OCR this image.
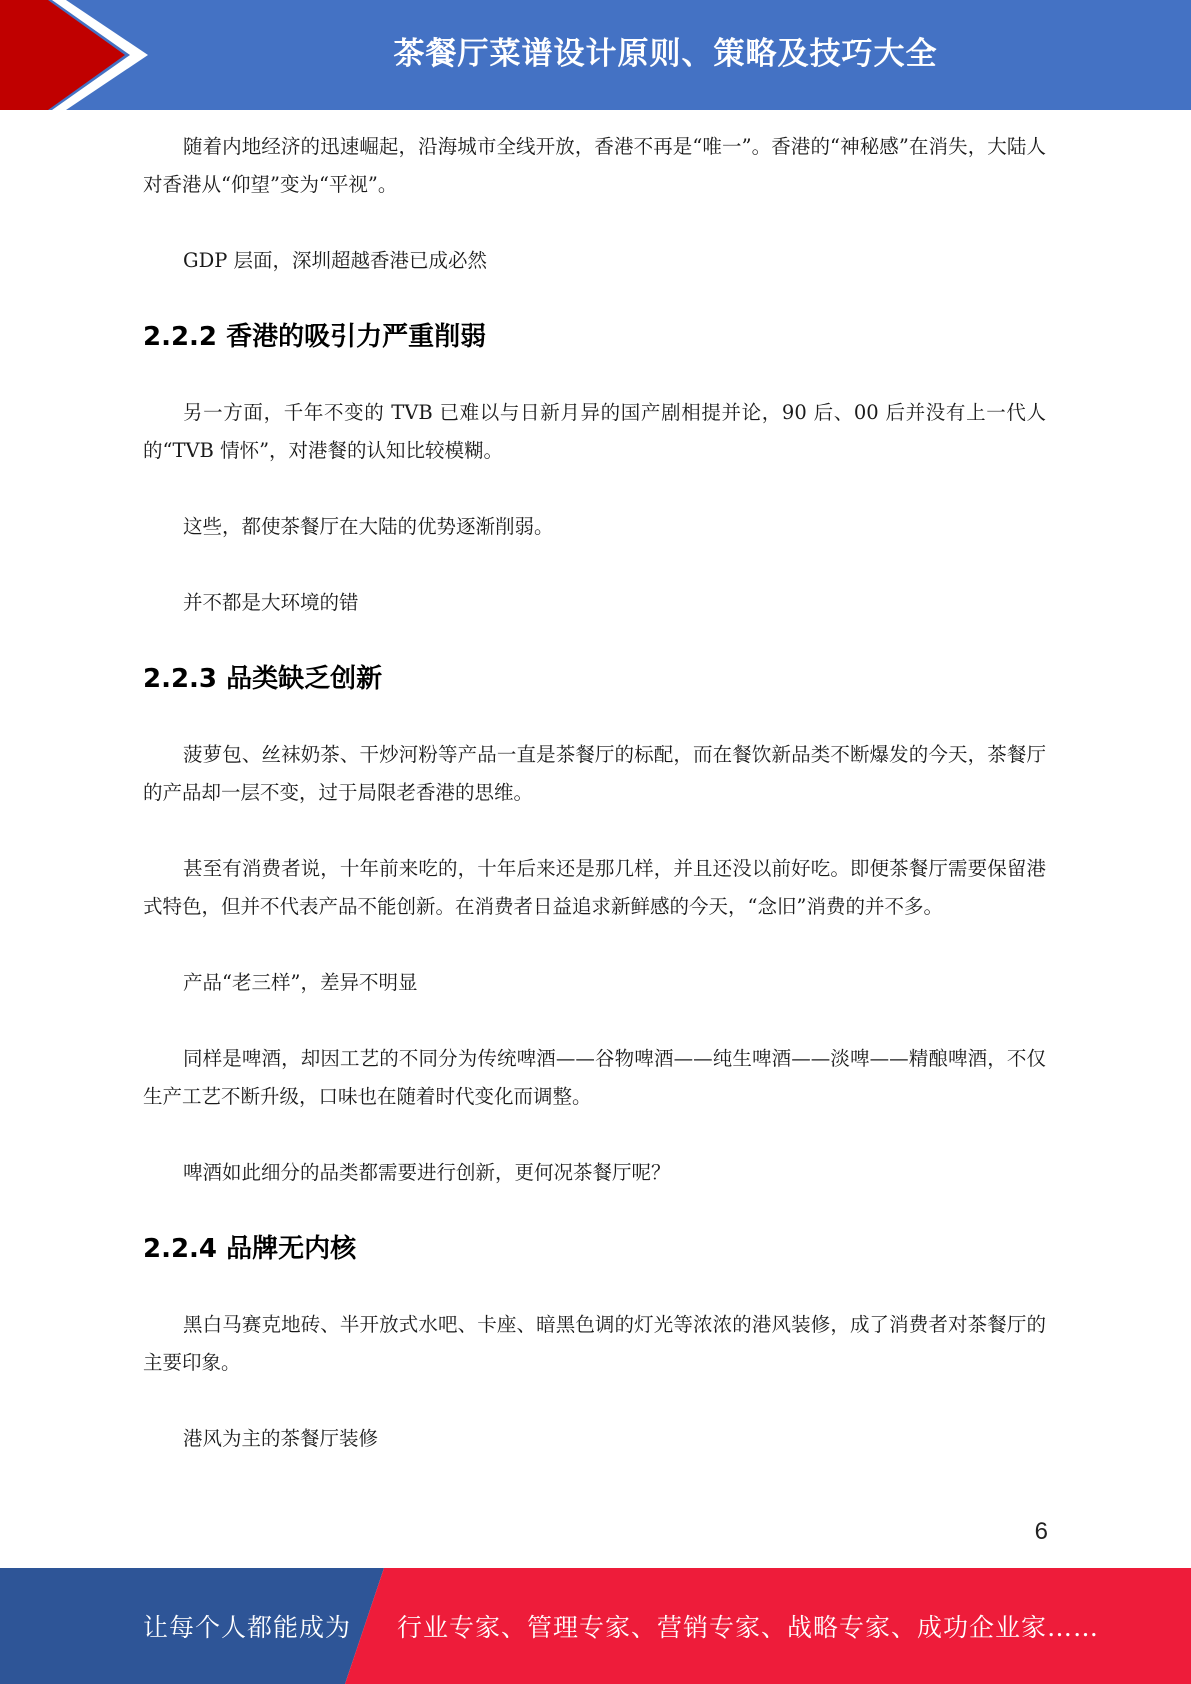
茶餐厅菜谱设计原则、策略及技巧大全

随着内地经济的迅速崛起，沿海城市全线开放，香港不再是“唯一”。香港的“神秘感”在消失，大陆人对香港从“仰望”变为“平视”。

GDP 层面，深圳超越香港已成必然

2.2.2 香港的吸引力严重削弱

另一方面，千年不变的 TVB 已难以与日新月异的国产剧相提并论，90 后、00 后并没有上一代人的“TVB 情怀”，对港餐的认知比较模糊。

这些，都使茶餐厅在大陆的优势逐渐削弱。

并不都是大环境的错

2.2.3 品类缺乏创新

菠萝包、丝袜奶茶、干炒河粉等产品一直是茶餐厅的标配，而在餐饮新品类不断爆发的今天，茶餐厅的产品却一层不变，过于局限老香港的思维。

甚至有消费者说，十年前来吃的，十年后来还是那几样，并且还没以前好吃。即便茶餐厅需要保留港式特色，但并不代表产品不能创新。在消费者日益追求新鲜感的今天，“念旧”消费的并不多。

产品“老三样”，差异不明显

同样是啤酒，却因工艺的不同分为传统啤酒——谷物啤酒——纯生啤酒——淡啤——精酿啤酒，不仅生产工艺不断升级，口味也在随着时代变化而调整。

啤酒如此细分的品类都需要进行创新，更何况茶餐厅呢？

2.2.4 品牌无内核

黑白马赛克地砖、半开放式水吧、卡座、暗黑色调的灯光等浓浓的港风装修，成了消费者对茶餐厅的主要印象。

港风为主的茶餐厅装修

6
让每个人都能成为 行业专家、管理专家、营销专家、战略专家、成功企业家……
